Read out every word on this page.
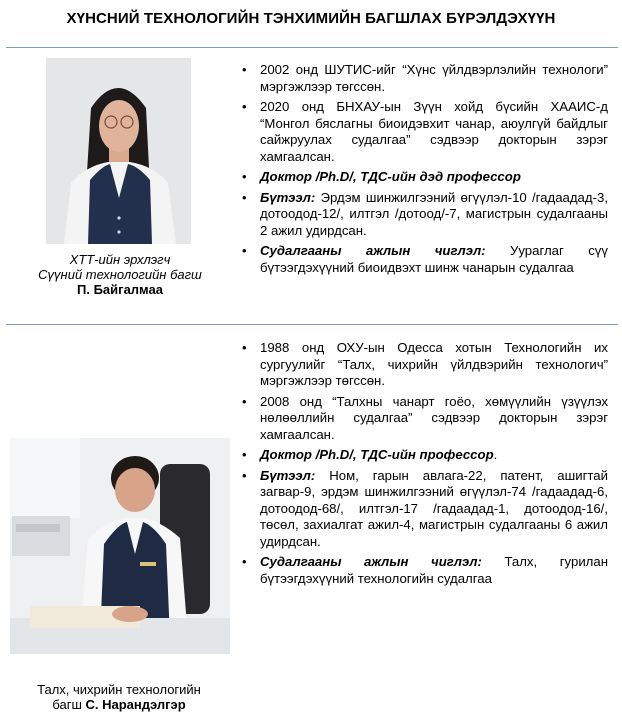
ХҮНСНИЙ ТЕХНОЛОГИЙН ТЭНХИМИЙН БАГШЛАХ БҮРЭЛДЭХҮҮН
ХТТ-ийн эрхлэгч
Сүүний технологийн багш
П. Байгалмаа
• 2002 онд ШУТИС-ийг “Хүнс үйлдвэрлэлийн технологи” мэргэжлээр төгссөн.
• 2020 онд БНХАУ-ын Зүүн хойд бүсийн ХААИС-д “Монгол бяслагны биоидэвхит чанар, аюулгүй байдлыг сайжруулах судалгаа” сэдвээр докторын зэрэг хамгаалсан.
• Доктор /Ph.D/, ТДС-ийн дэд профессор
• Бүтээл: Эрдэм шинжилгээний өгүүлэл-10 /гадаадад-3, дотоодод-12/, илтгэл /дотоод/-7, магистрын судалгааны 2 ажил удирдсан.
• Судалгааны ажлын чиглэл: Уураглаг сүү бүтээгдэхүүний биоидвэхт шинж чанарын судалгаа
Талх, чихрийн технологийн
багш С. Нарандэлгэр
• 1988 онд ОХУ-ын Одесса хотын Технологийн их сургуулийг “Талх, чихрийн үйлдвэрийн технологич” мэргэжлээр төгссөн.
• 2008 онд “Талхны чанарт гоёо, хөмүүлийн үзүүлэх нөлөөллийн судалгаа” сэдвээр докторын зэрэг хамгаалсан.
• Доктор /Ph.D/, ТДС-ийн профессор.
• Бүтээл: Ном, гарын авлага-22, патент, ашигтай загвар-9, эрдэм шинжилгээний өгүүлэл-74 /гадаадад-6, дотоодод-68/, илтгэл-17 /гадаадад-1, дотоодод-16/, төсөл, захиалгат ажил-4, магистрын судалгааны 6 ажил удирдсан.
• Судалгааны ажлын чиглэл: Талх, гурилан бүтээгдэхүүний технологийн судалгаа
